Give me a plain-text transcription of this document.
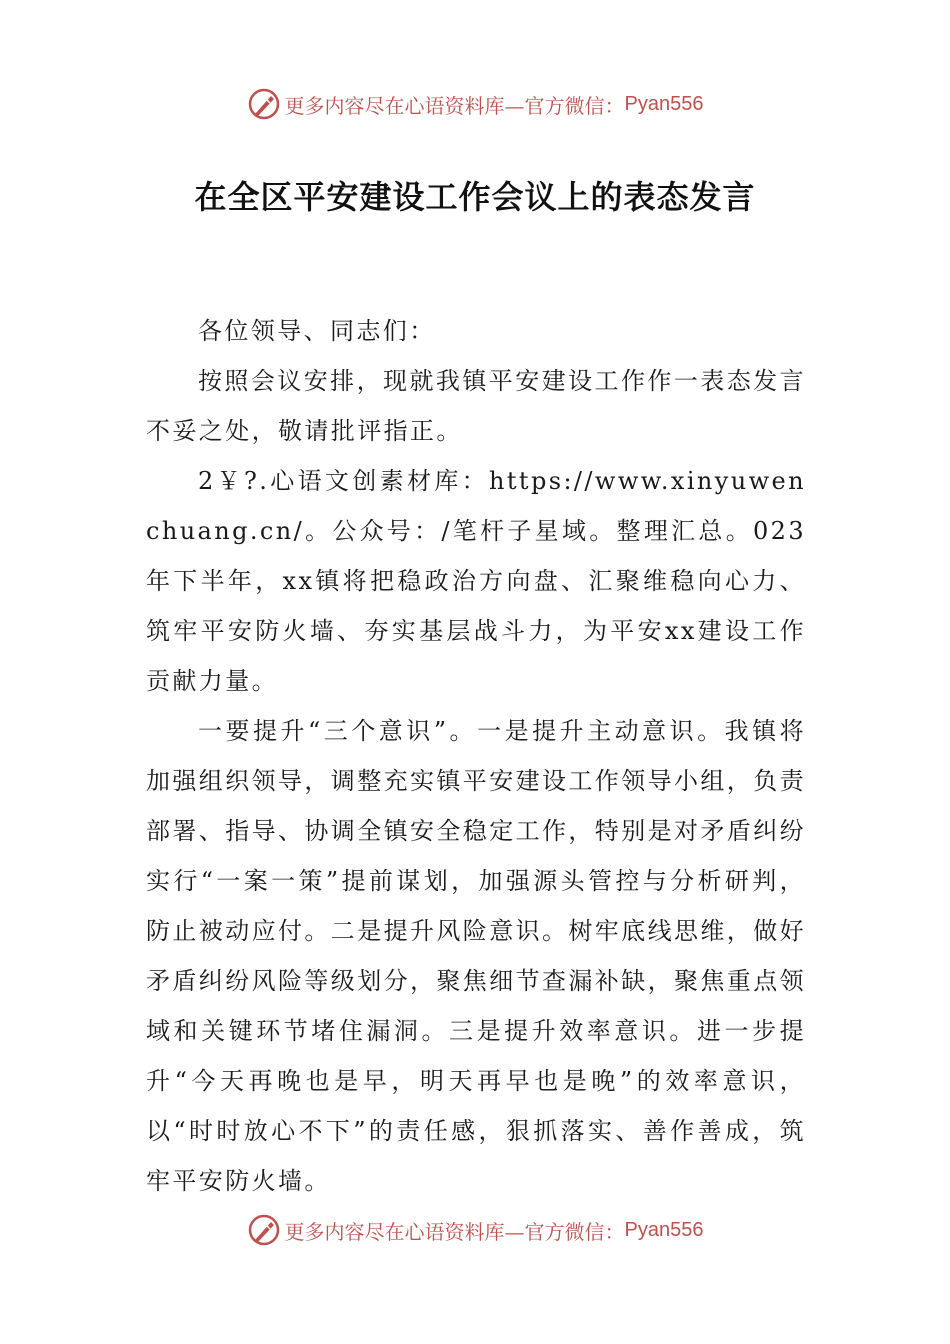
更多内容尽在心语资料库—官方微信： Pyan556
在全区平安建设工作会议上的表态发言

各位领导、同志们：

按照会议安排，现就我镇平安建设工作作一表态发言不妥之处，敬请批评指正。

2￥?.心语文创素材库：https://www.xinyuwenchuang.cn/。公众号：/笔杆子星域。整理汇总。023年下半年，xx镇将把稳政治方向盘、汇聚维稳向心力、筑牢平安防火墙、夯实基层战斗力，为平安xx建设工作贡献力量。

一要提升“三个意识”。一是提升主动意识。我镇将加强组织领导，调整充实镇平安建设工作领导小组，负责部署、指导、协调全镇安全稳定工作，特别是对矛盾纠纷实行“一案一策”提前谋划，加强源头管控与分析研判，防止被动应付。二是提升风险意识。树牢底线思维，做好矛盾纠纷风险等级划分，聚焦细节查漏补缺，聚焦重点领域和关键环节堵住漏洞。三是提升效率意识。进一步提升“今天再晚也是早，明天再早也是晚”的效率意识，以“时时放心不下”的责任感，狠抓落实、善作善成，筑牢平安防火墙。

更多内容尽在心语资料库—官方微信： Pyan556
